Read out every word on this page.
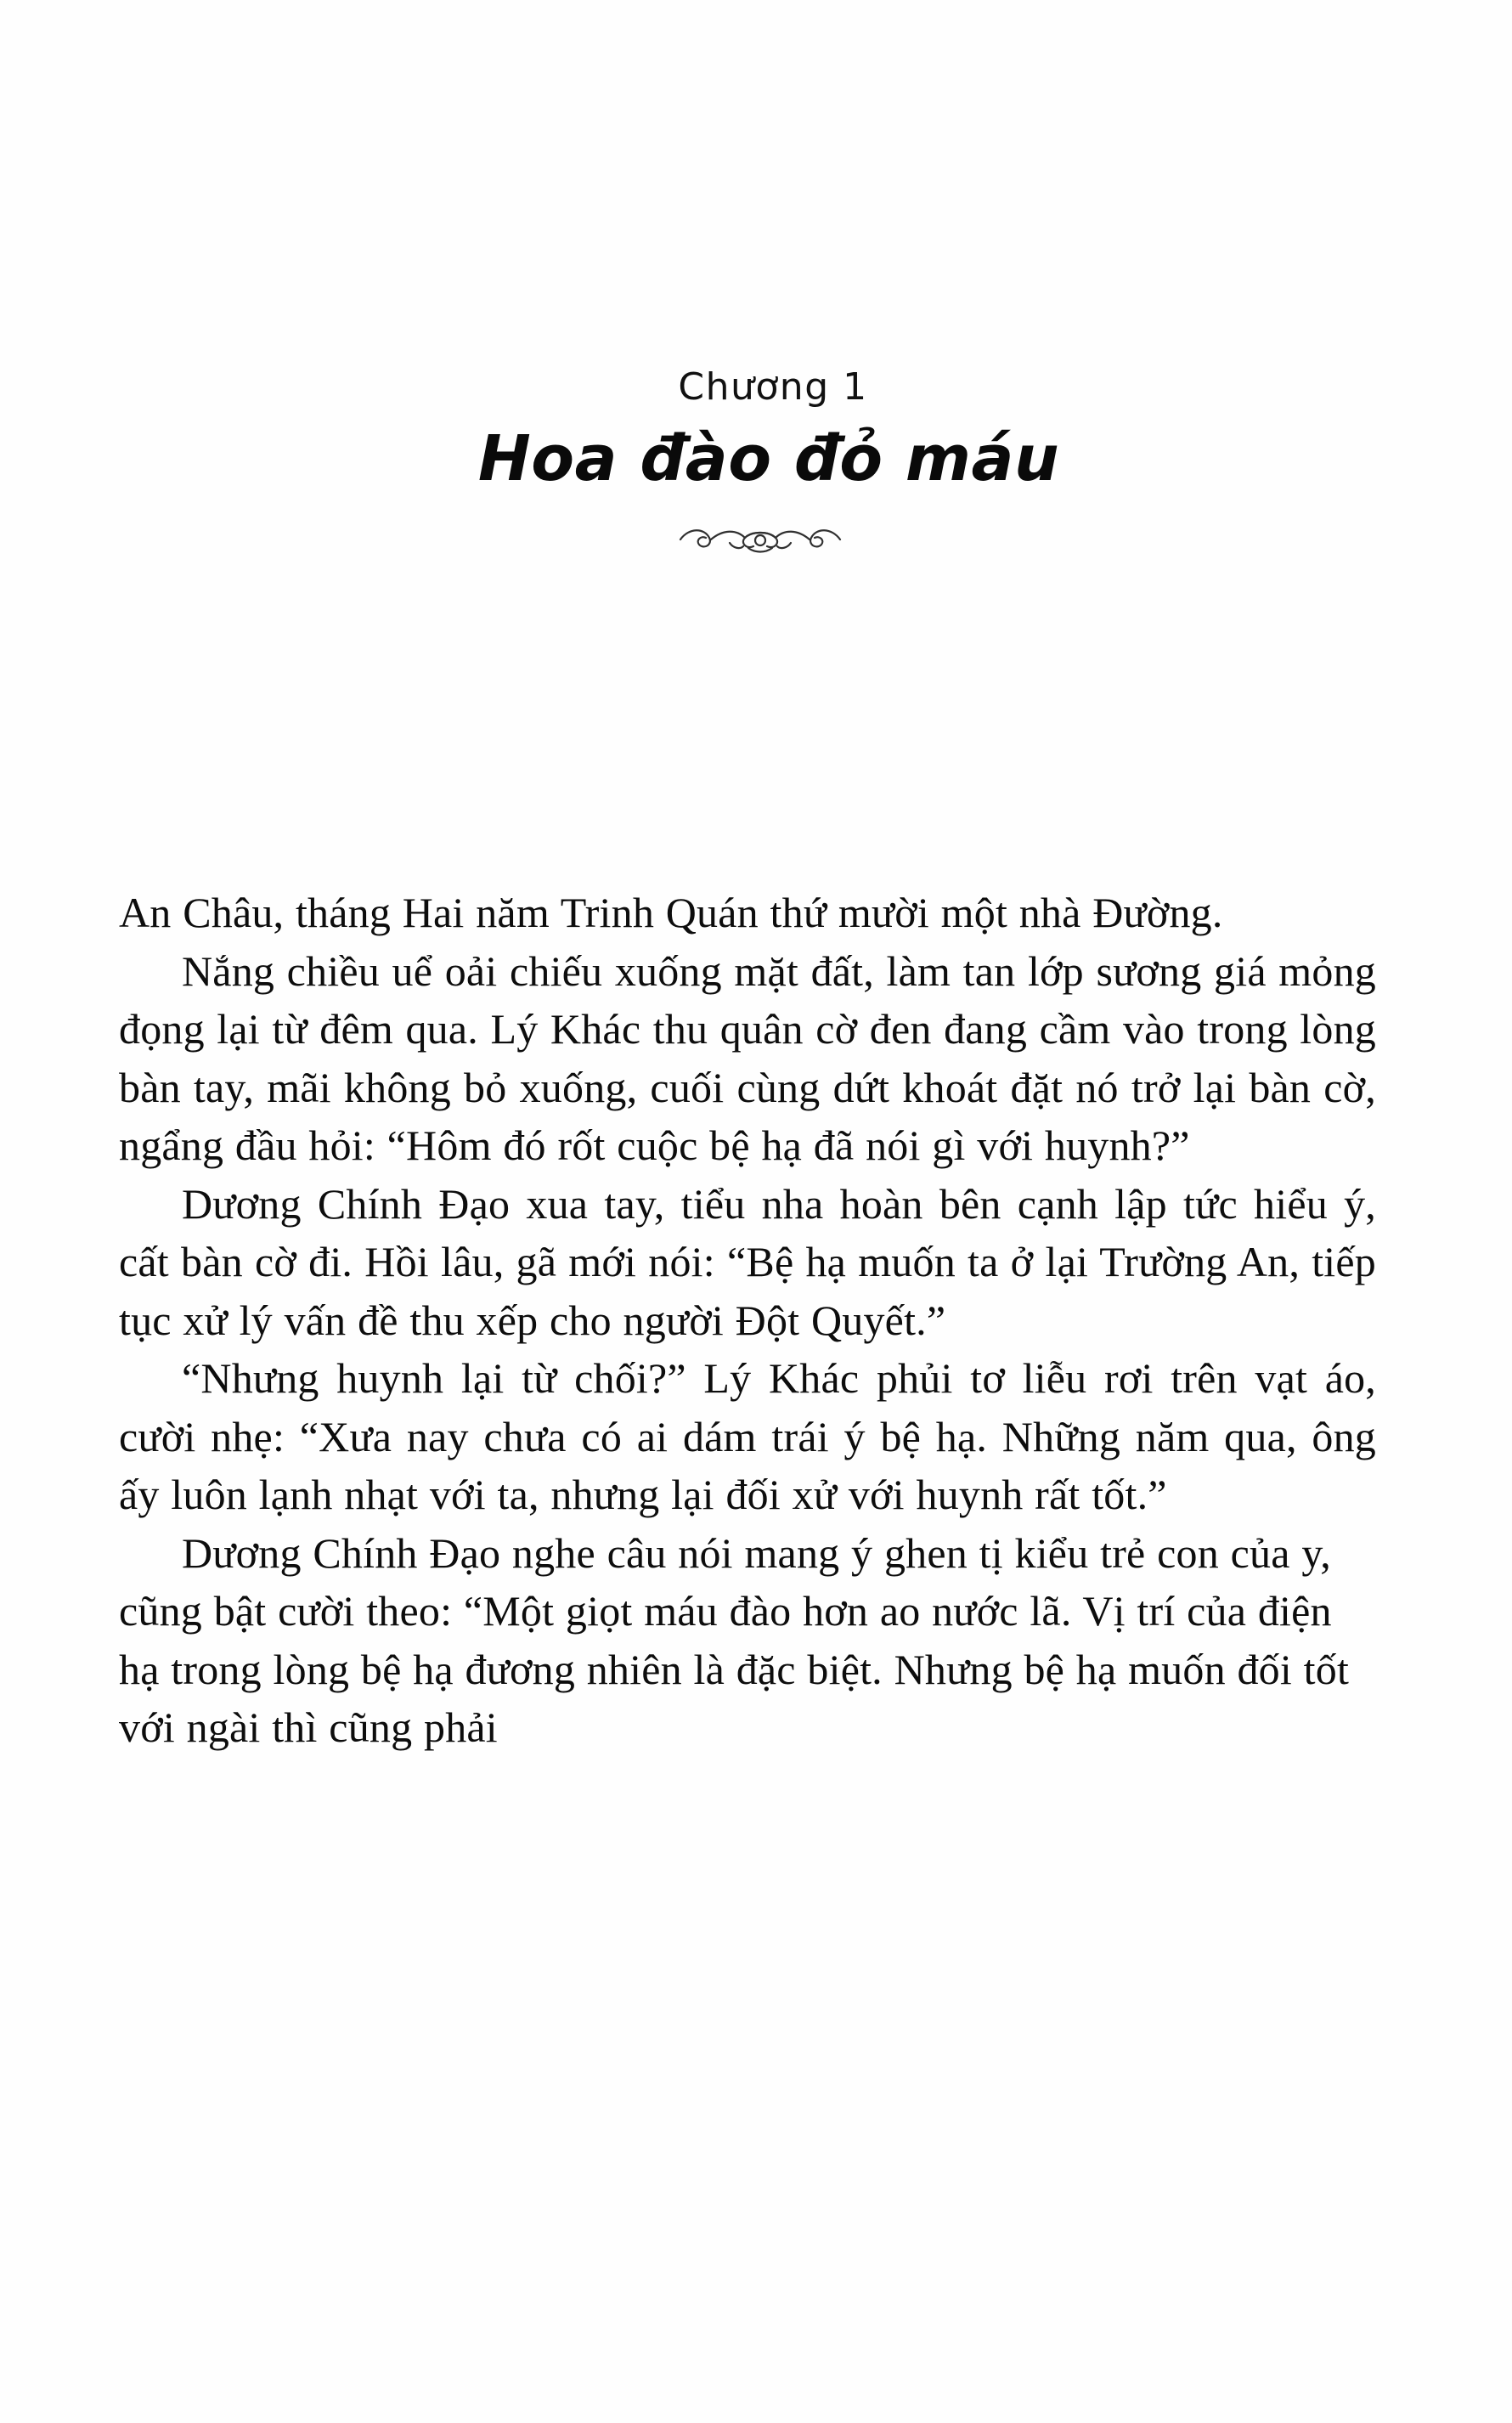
Chương 1
Hoa đào đỏ máu

An Châu, tháng Hai năm Trinh Quán thứ mười một nhà Đường.

Nắng chiều uể oải chiếu xuống mặt đất, làm tan lớp sương giá mỏng đọng lại từ đêm qua. Lý Khác thu quân cờ đen đang cầm vào trong lòng bàn tay, mãi không bỏ xuống, cuối cùng dứt khoát đặt nó trở lại bàn cờ, ngẩng đầu hỏi: “Hôm đó rốt cuộc bệ hạ đã nói gì với huynh?”

Dương Chính Đạo xua tay, tiểu nha hoàn bên cạnh lập tức hiểu ý, cất bàn cờ đi. Hồi lâu, gã mới nói: “Bệ hạ muốn ta ở lại Trường An, tiếp tục xử lý vấn đề thu xếp cho người Đột Quyết.”

“Nhưng huynh lại từ chối?” Lý Khác phủi tơ liễu rơi trên vạt áo, cười nhẹ: “Xưa nay chưa có ai dám trái ý bệ hạ. Những năm qua, ông ấy luôn lạnh nhạt với ta, nhưng lại đối xử với huynh rất tốt.”

Dương Chính Đạo nghe câu nói mang ý ghen tị kiểu trẻ con của y, cũng bật cười theo: “Một giọt máu đào hơn ao nước lã. Vị trí của điện hạ trong lòng bệ hạ đương nhiên là đặc biệt. Nhưng bệ hạ muốn đối tốt với ngài thì cũng phải
